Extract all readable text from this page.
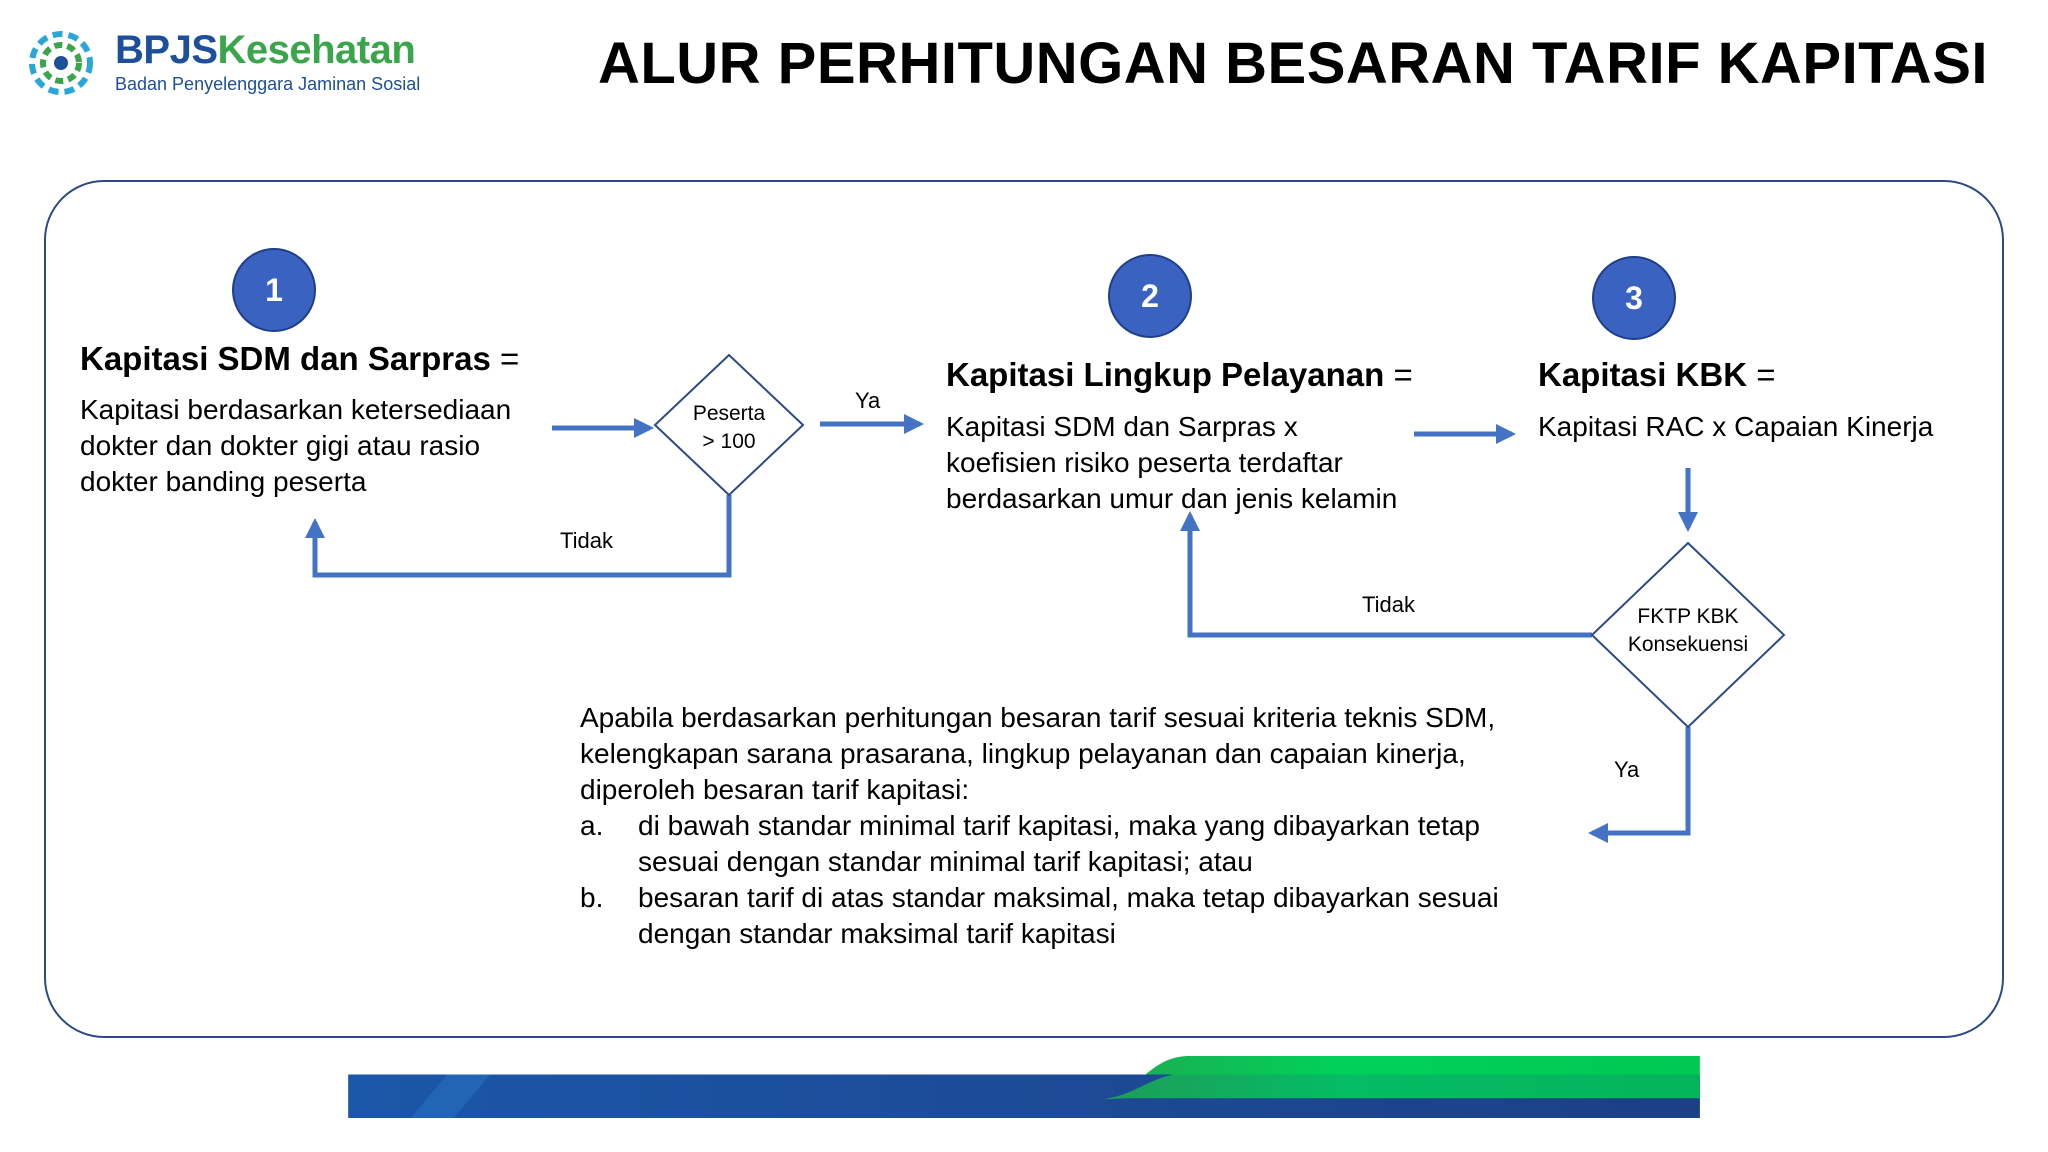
BPJSKesehatan
Badan Penyelenggara Jaminan Sosial	ALUR PERHITUNGAN BESARAN TARIF KAPITASI
1	2	3
Kapitasi SDM dan Sarpras =
Kapitasi berdasarkan ketersediaan
dokter dan dokter gigi atau rasio
dokter banding peserta
Kapitasi Lingkup Pelayanan =
Kapitasi SDM dan Sarpras x
koefisien risiko peserta terdaftar
berdasarkan umur dan jenis kelamin
Kapitasi KBK =
Kapitasi RAC x Capaian Kinerja
Peserta
> 100
Ya
Tidak
FKTP KBK
Konsekuensi
Tidak
Ya
Apabila berdasarkan perhitungan besaran tarif sesuai kriteria teknis SDM,
kelengkapan sarana prasarana, lingkup pelayanan dan capaian kinerja,
diperoleh besaran tarif kapitasi:
a.	di bawah standar minimal tarif kapitasi, maka yang dibayarkan tetap
sesuai dengan standar minimal tarif kapitasi; atau
b.	besaran tarif di atas standar maksimal, maka tetap dibayarkan sesuai
dengan standar maksimal tarif kapitasi
8
